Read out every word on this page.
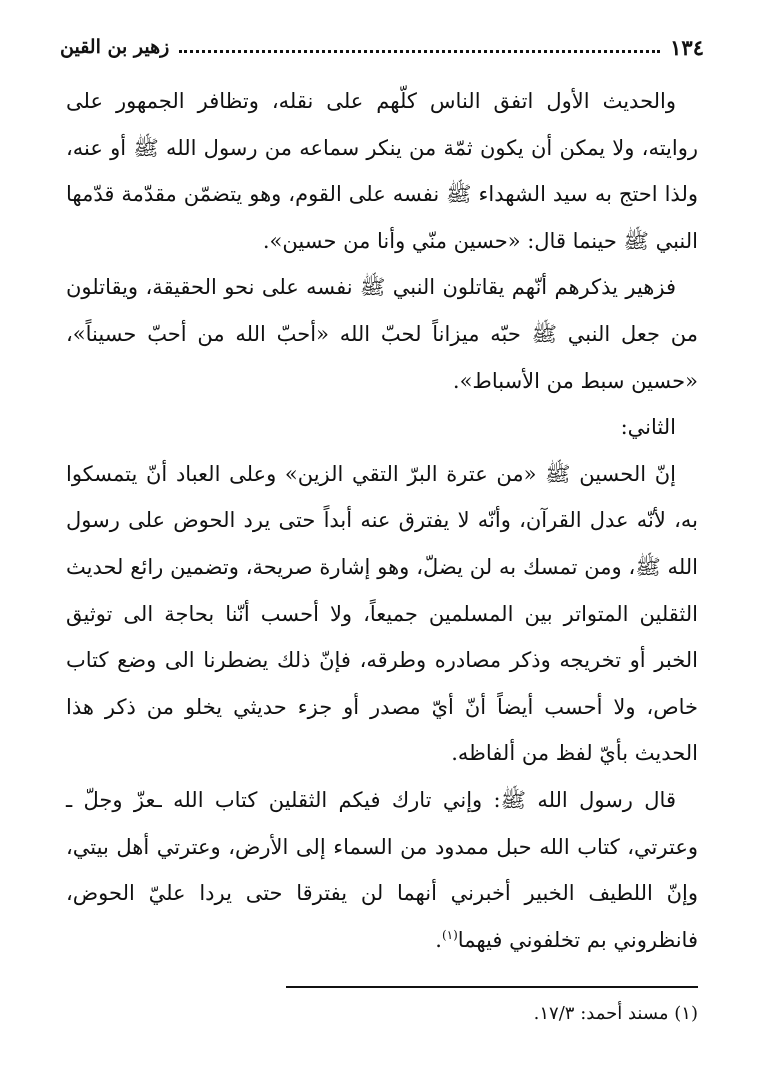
١٣٤
زهير بن القين

والحديث الأول اتفق الناس كلّهم على نقله، وتظافر الجمهور على روايته، ولا يمكن أن يكون ثمّة من ينكر سماعه من رسول الله ﷺ أو عنه، ولذا احتج به سيد الشهداء ﷺ نفسه على القوم، وهو يتضمّن مقدّمة قدّمها النبي ﷺ حينما قال: «حسين منّي وأنا من حسين».

فزهير يذكرهم أنّهم يقاتلون النبي ﷺ نفسه على نحو الحقيقة، ويقاتلون من جعل النبي ﷺ حبّه ميزاناً لحبّ الله «أحبّ الله من أحبّ حسيناً»، «حسين سبط من الأسباط».

الثاني:

إنّ الحسين ﷺ «من عترة البرّ التقي الزين» وعلى العباد أنّ يتمسكوا به، لأنّه عدل القرآن، وأنّه لا يفترق عنه أبداً حتى يرد الحوض على رسول الله ﷺ، ومن تمسك به لن يضلّ، وهو إشارة صريحة، وتضمين رائع لحديث الثقلين المتواتر بين المسلمين جميعاً، ولا أحسب أنّنا بحاجة الى توثيق الخبر أو تخريجه وذكر مصادره وطرقه، فإنّ ذلك يضطرنا الى وضع كتاب خاص، ولا أحسب أيضاً أنّ أيّ مصدر أو جزء حديثي يخلو من ذكر هذا الحديث بأيّ لفظ من ألفاظه.

قال رسول الله ﷺ: وإني تارك فيكم الثقلين كتاب الله ـعزّ وجلّ ـ وعترتي، كتاب الله حبل ممدود من السماء إلى الأرض، وعترتي أهل بيتي، وإنّ اللطيف الخبير أخبرني أنهما لن يفترقا حتى يردا عليّ الحوض، فانظروني بم تخلفوني فيهما$^{(١)}$.

(١) مسند أحمد: ١٧/٣.
